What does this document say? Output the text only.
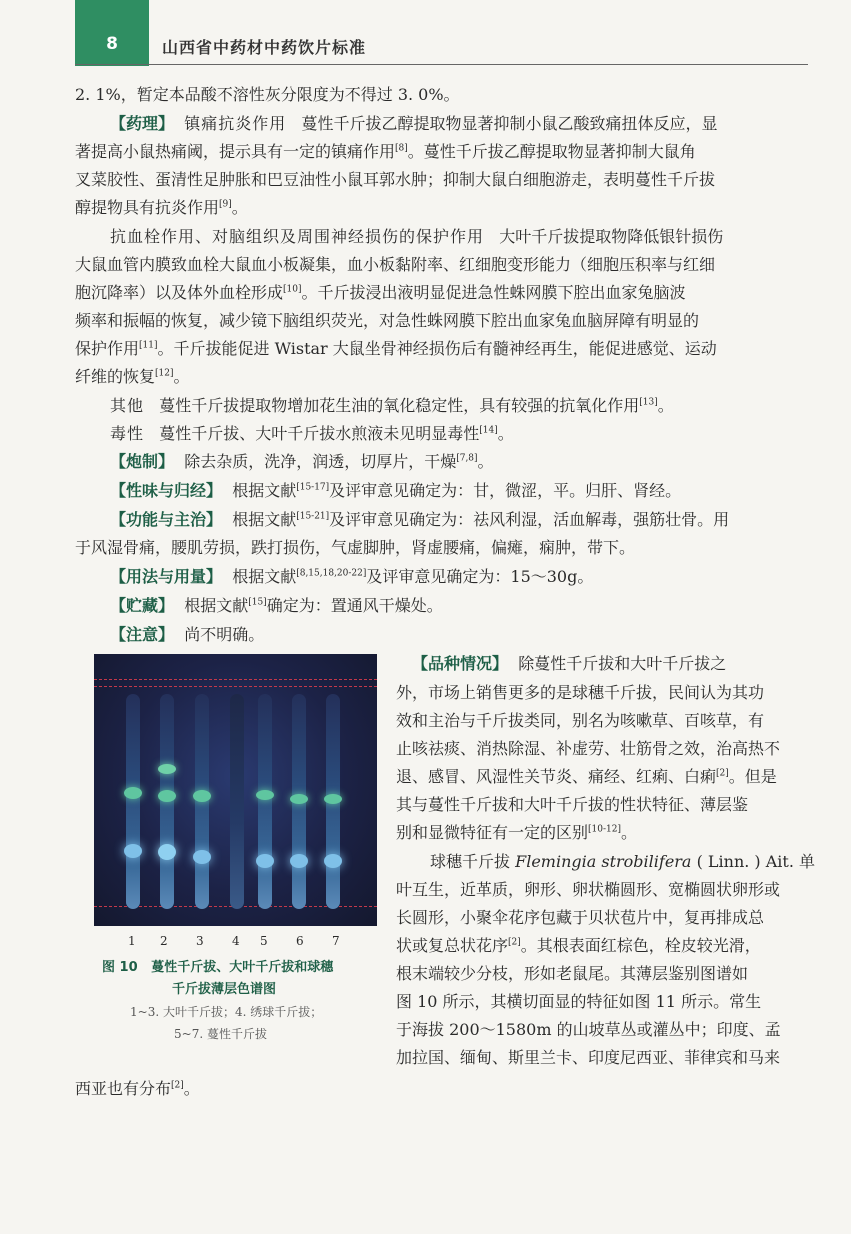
8	山西省中药材中药饮片标准
2. 1%，暂定本品酸不溶性灰分限度为不得过 3. 0%。
【药理】 镇痛抗炎作用 蔓性千斤拔乙醇提取物显著抑制小鼠乙酸致痛扭体反应，显
著提高小鼠热痛阈，提示具有一定的镇痛作用[8]。蔓性千斤拔乙醇提取物显著抑制大鼠角
叉菜胶性、蛋清性足肿胀和巴豆油性小鼠耳郭水肿；抑制大鼠白细胞游走，表明蔓性千斤拔
醇提物具有抗炎作用[9]。
抗血栓作用、对脑组织及周围神经损伤的保护作用 大叶千斤拔提取物降低银针损伤
大鼠血管内膜致血栓大鼠血小板凝集，血小板黏附率、红细胞变形能力（细胞压积率与红细
胞沉降率）以及体外血栓形成[10]。千斤拔浸出液明显促进急性蛛网膜下腔出血家兔脑波
频率和振幅的恢复，减少镜下脑组织荧光，对急性蛛网膜下腔出血家兔血脑屏障有明显的
保护作用[11]。千斤拔能促进 Wistar 大鼠坐骨神经损伤后有髓神经再生，能促进感觉、运动
纤维的恢复[12]。
其他 蔓性千斤拔提取物增加花生油的氧化稳定性，具有较强的抗氧化作用[13]。
毒性 蔓性千斤拔、大叶千斤拔水煎液未见明显毒性[14]。
【炮制】 除去杂质，洗净，润透，切厚片，干燥[7,8]。
【性味与归经】 根据文献[15-17]及评审意见确定为：甘，微涩，平。归肝、肾经。
【功能与主治】 根据文献[15-21]及评审意见确定为：祛风利湿，活血解毒，强筋壮骨。用
于风湿骨痛，腰肌劳损，跌打损伤，气虚脚肿，肾虚腰痛，偏瘫，痫肿，带下。
【用法与用量】 根据文献[8,15,18,20-22]及评审意见确定为：15～30g。
【贮藏】 根据文献[15]确定为：置通风干燥处。
【注意】 尚不明确。
【品种情况】 除蔓性千斤拔和大叶千斤拔之
外，市场上销售更多的是球穗千斤拔，民间认为其功
效和主治与千斤拔类同，别名为咳嗽草、百咳草，有
止咳祛痰、消热除湿、补虚劳、壮筋骨之效，治高热不
退、感冒、风湿性关节炎、痛经、红痢、白痢[2]。但是
其与蔓性千斤拔和大叶千斤拔的性状特征、薄层鉴
别和显微特征有一定的区别[10-12]。
球穗千斤拔 Flemingia strobilifera ( Linn. ) Ait. 单
叶互生，近革质，卵形、卵状椭圆形、宽椭圆状卵形或
长圆形，小聚伞花序包藏于贝状苞片中，复再排成总
状或复总状花序[2]。其根表面红棕色，栓皮较光滑，
根末端较少分枝，形如老鼠尾。其薄层鉴别图谱如
图 10 所示，其横切面显的特征如图 11 所示。常生
于海拔 200～1580m 的山坡草丛或灌丛中；印度、孟
加拉国、缅甸、斯里兰卡、印度尼西亚、菲律宾和马来
西亚也有分布[2]。
1 2 3 4 5 6 7
图 10 蔓性千斤拔、大叶千斤拔和球穗
千斤拔薄层色谱图
1~3. 大叶千斤拔；4. 绣球千斤拔；
5~7. 蔓性千斤拔
